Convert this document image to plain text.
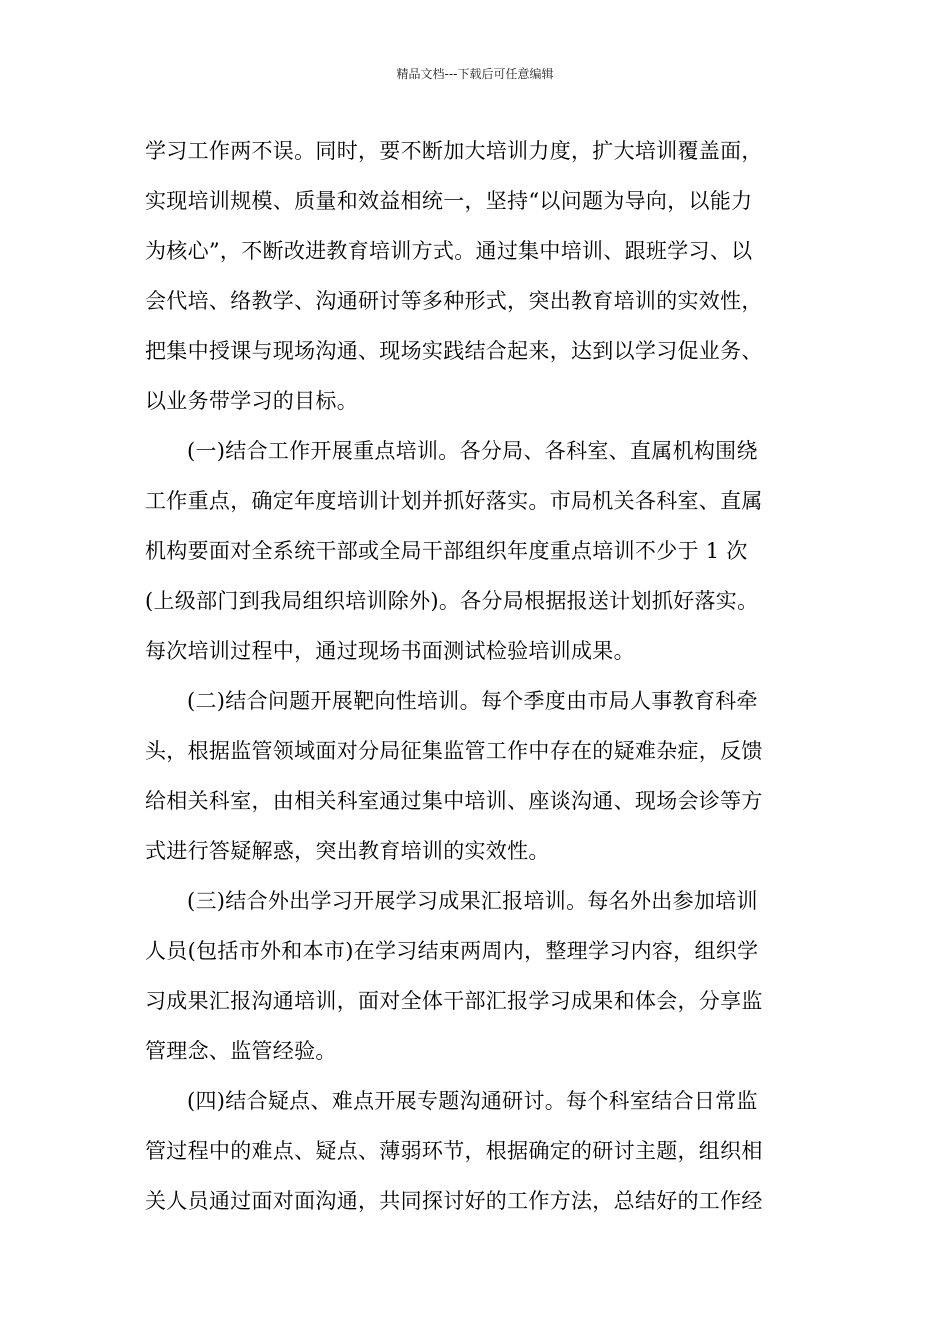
精品文档---下载后可任意编辑
学习工作两不误。同时，要不断加大培训力度，扩大培训覆盖面，
实现培训规模、质量和效益相统一，坚持“以问题为导向，以能力
为核心”，不断改进教育培训方式。通过集中培训、跟班学习、以
会代培、络教学、沟通研讨等多种形式，突出教育培训的实效性，
把集中授课与现场沟通、现场实践结合起来，达到以学习促业务、
以业务带学习的目标。
(一)结合工作开展重点培训。各分局、各科室、直属机构围绕
工作重点，确定年度培训计划并抓好落实。市局机关各科室、直属
机构要面对全系统干部或全局干部组织年度重点培训不少于 1 次
(上级部门到我局组织培训除外)。各分局根据报送计划抓好落实。
每次培训过程中，通过现场书面测试检验培训成果。
(二)结合问题开展靶向性培训。每个季度由市局人事教育科牵
头，根据监管领域面对分局征集监管工作中存在的疑难杂症，反馈
给相关科室，由相关科室通过集中培训、座谈沟通、现场会诊等方
式进行答疑解惑，突出教育培训的实效性。
(三)结合外出学习开展学习成果汇报培训。每名外出参加培训
人员(包括市外和本市)在学习结束两周内，整理学习内容，组织学
习成果汇报沟通培训，面对全体干部汇报学习成果和体会，分享监
管理念、监管经验。
(四)结合疑点、难点开展专题沟通研讨。每个科室结合日常监
管过程中的难点、疑点、薄弱环节，根据确定的研讨主题，组织相
关人员通过面对面沟通，共同探讨好的工作方法，总结好的工作经
